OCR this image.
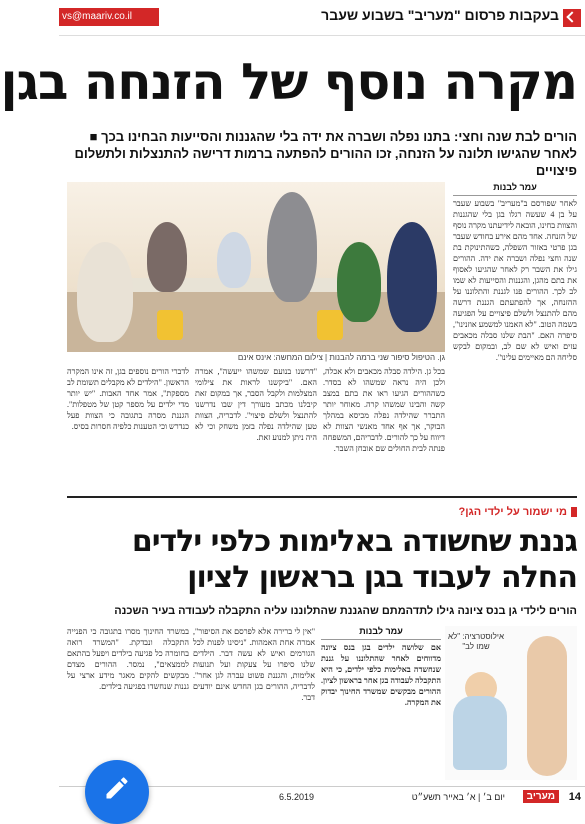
vs@maariv.co.il	בעקבות פרסום "מעריב" בשבוע שעבר
מקרה נוסף של הזנחה בגן

הורים לבת שנה וחצי: בתנו נפלה ושברה את ידה בלי שהגננות והסייעות הבחינו בכך ■ לאחר שהגישו תלונה על הזנחה, זכו ההורים להפתעה ברמות דרישה להתנצלות ולתשלום פיצויים

גן. הטיפול סיפור שני ברמה להבנות | צילום המחשה: אינס אינם
עמר לבנות
לאחר שפורסם ב"מעריב" בשבוע שעבר על בן 4 שעשה רגלו בגן בלי שהגננות והצוות בחינו, הובאה לידיעתנו מקרה נוסף של הזנחה. אחד מהם אירע בחודש שעבר בגן פרטי באזור השפלה, כשהתינוקת בת שנה וחצי נפלה ושברה את ידה. ההורים גילו את השבר רק לאחר שהגיעו לאסוף את בתם מהגן, והגננות והסייעות לא שמו לב לכך. ההורים פנו לגננת והתלוננו על ההזנחה, אך להפתעתם הגננת דרשה מהם להתנצל ולשלם פיצויים על הפגיעה בשמה הטוב. "לא האמנו למשמע אוזנינו", סיפרה האם. "הבת שלנו סבלה מכאבים עזים ואיש לא שם לב, ובמקום לבקש סליחה הם מאיימים עלינו".
בכל גן. הילדה סבלה מכאבים ולא אכלה, ולכן היה נראה שמשהו לא בסדר. כשההורים הגיעו ראו את בתם במצב קשה והבינו שמשהו קרה. מאוחר יותר התברר שהילדה נפלה מכיסא במהלך הבוקר, אך אף אחד מאנשי הצוות לא דיווח על כך להורים. לדבריהם, המשפחה פנתה לבית החולים שם אובחן השבר.
"דרשנו בנועם שמשהו ייעשה", אמרה האם. "ביקשנו לראות את צילומי המצלמות ולקבל הסבר, אך במקום זאת קיבלנו מכתב מעורך דין שבו נדרשנו להתנצל ולשלם פיצוי". לדבריה, הצוות טען שהילדה נפלה בזמן משחק וכי לא היה ניתן למנוע זאת.
לדברי הורים נוספים בגן, זה אינו המקרה הראשון. "הילדים לא מקבלים תשומת לב מספקת", אמר אחד האבות. "יש יותר מדי ילדים על מספר קטן של מטפלות". הגננת מסרה בתגובה כי הצוות פעל כנדרש וכי הטענות כלפיה חסרות בסיס.
מי ישמור על ילדי הגן?
גננת שחשודה באלימות כלפי ילדים החלה לעבוד בגן בראשון לציון

הורים לילדי גן בנס ציונה גילו לתדהמתם שהגננת שהתלוננו עליה התקבלה לעבודה בעיר השכנה

אילוסטרציה: "לא שמו לב"
עמר לבנות
אם שלושה ילדים בגן בנס ציונה מדווחים לאחר שהתלוננו על גננת שנחשדה באלימות כלפי ילדים, כי היא התקבלה לעבודה בגן אחר בראשון לציון. ההורים מבקשים שמשרד החינוך יבדוק את המקרה.
"אין לי ברירה אלא לפרסם את הסיפור", אמרה אחת האמהות. "ניסינו לפנות לכל הגורמים ואיש לא עשה דבר. הילדים שלנו סיפרו על צעקות ועל תנועות אלימות, והגננת פשוט עברה לגן אחר". לדבריה, ההורים בגן החדש אינם יודעים דבר.
במשרד החינוך מסרו בתגובה כי הפנייה התקבלה ונבדקת. "המשרד רואה בחומרה כל פגיעה בילדים ויפעל בהתאם לממצאים", נמסר. ההורים מצדם מבקשים להקים מאגר מידע ארצי על גננות שנחשדו בפגיעה בילדים.
14
מעריב
יום ב׳ | א׳ באייר תשע״ט
6.5.2019
